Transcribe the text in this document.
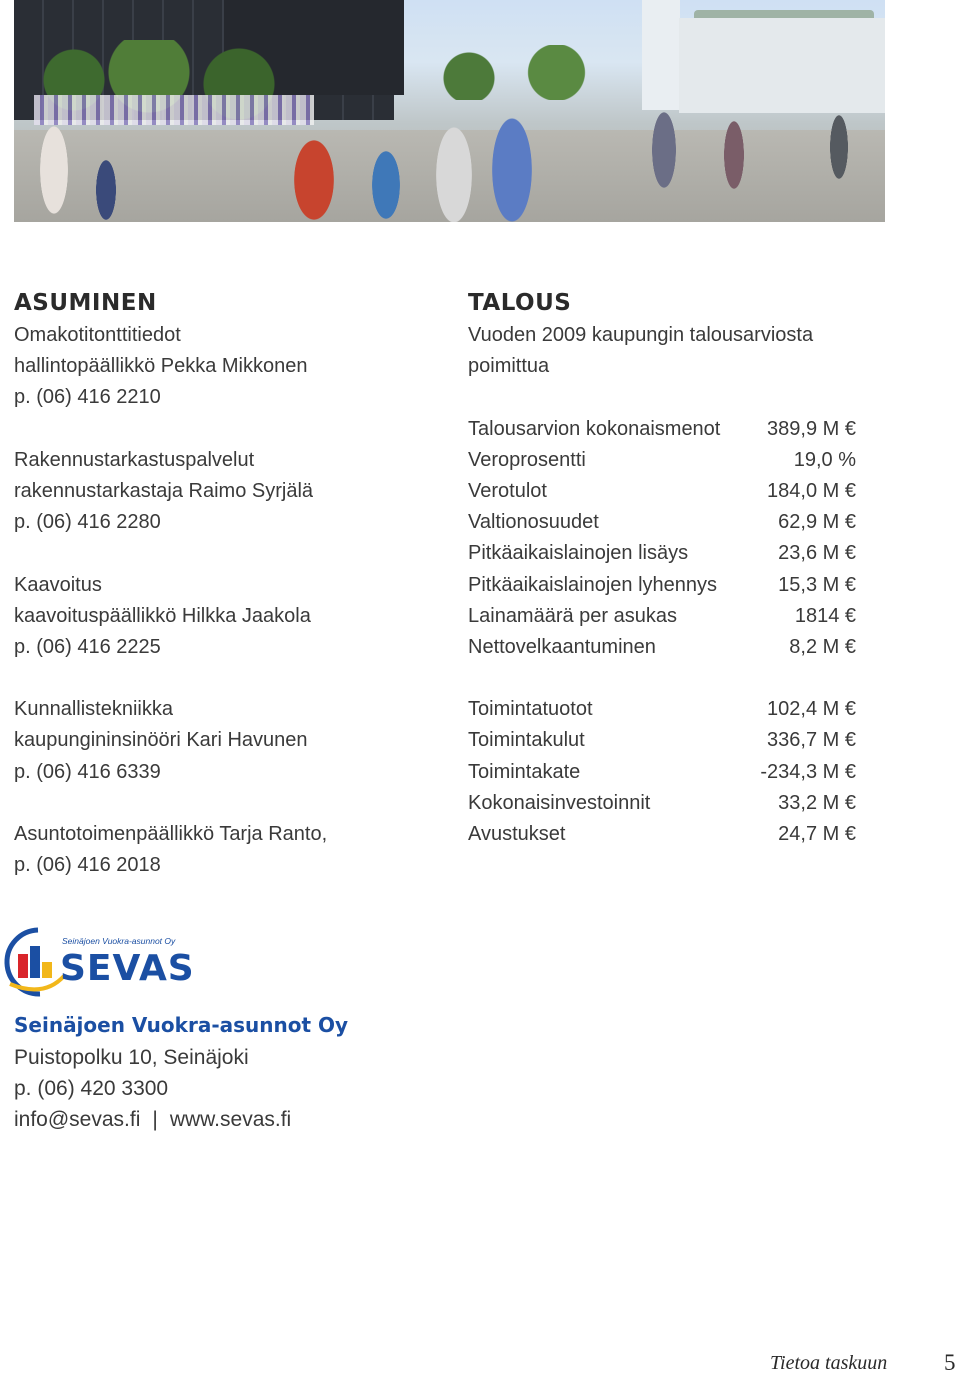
ASUMINEN
Omakotitonttitiedot
hallintopäällikkö Pekka Mikkonen
p. (06) 416 2210
Rakennustarkastuspalvelut
rakennustarkastaja Raimo Syrjälä
p. (06) 416 2280
Kaavoitus
kaavoituspäällikkö Hilkka Jaakola
p. (06) 416 2225
Kunnallistekniikka
kaupungininsinööri Kari Havunen
p. (06) 416 6339
Asuntotoimenpäällikkö Tarja Ranto,
p. (06) 416 2018
TALOUS
Vuoden 2009 kaupungin talousarviosta
poimittua
Talousarvion kokonaismenot 389,9 M €
Veroprosentti	19,0 %
Verotulot	184,0 M €
Valtionosuudet	62,9 M €
Pitkäaikaislainojen lisäys	23,6 M €
Pitkäaikaislainojen lyhennys	15,3 M €
Lainamäärä per asukas	1814 €
Nettovelkaantuminen	8,2 M €
Toimintatuotot	102,4 M €
Toimintakulut	336,7 M €
Toimintakate	-234,3 M €
Kokonaisinvestoinnit	33,2 M €
Avustukset	24,7 M €
Seinäjoen Vuokra-asunnot Oy
SEVAS
Seinäjoen Vuokra-asunnot Oy
Puistopolku 10, Seinäjoki
p. (06) 420 3300
info@sevas.fi | www.sevas.fi
Tietoa taskuun 5
